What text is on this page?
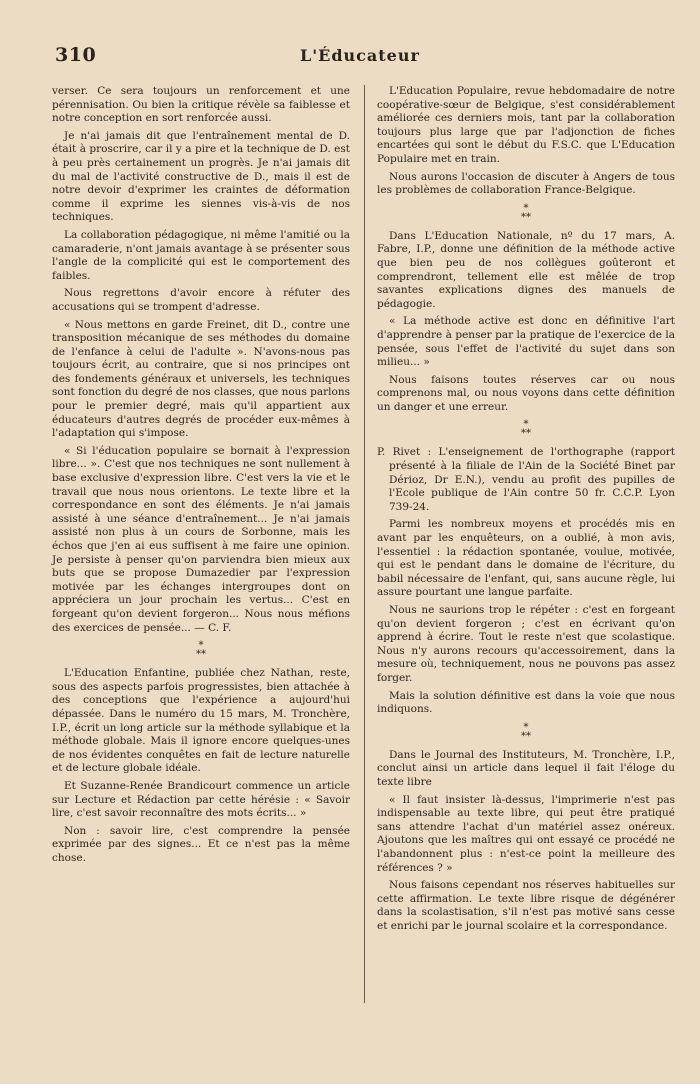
310	L'Éducateur

verser. Ce sera toujours un renforcement et une pérennisation. Ou bien la critique révèle sa faiblesse et notre conception en sort renforcée aussi.

Je n'ai jamais dit que l'entraînement mental de D. était à proscrire, car il y a pire et la technique de D. est à peu près certainement un progrès. Je n'ai jamais dit du mal de l'activité constructive de D., mais il est de notre devoir d'exprimer les craintes de déformation comme il exprime les siennes vis-à-vis de nos techniques.

La collaboration pédagogique, ni même l'amitié ou la camaraderie, n'ont jamais avantage à se présenter sous l'angle de la complicité qui est le comportement des faibles.

Nous regrettons d'avoir encore à réfuter des accusations qui se trompent d'adresse.

« Nous mettons en garde Freinet, dit D., contre une transposition mécanique de ses méthodes du domaine de l'enfance à celui de l'adulte ». N'avons-nous pas toujours écrit, au contraire, que si nos principes ont des fondements généraux et universels, les techniques sont fonction du degré de nos classes, que nous parlons pour le premier degré, mais qu'il appartient aux éducateurs d'autres degrés de procéder eux-mêmes à l'adaptation qui s'impose.

« Si l'éducation populaire se bornait à l'expression libre... ». C'est que nos techniques ne sont nullement à base exclusive d'expression libre. C'est vers la vie et le travail que nous nous orientons. Le texte libre et la correspondance en sont des éléments. Je n'ai jamais assisté à une séance d'entraînement... Je n'ai jamais assisté non plus à un cours de Sorbonne, mais les échos que j'en ai eus suffisent à me faire une opinion. Je persiste à penser qu'on parviendra bien mieux aux buts que se propose Dumazedier par l'expression motivée par les échanges intergroupes dont on appréciera un jour prochain les vertus... C'est en forgeant qu'on devient forgeron... Nous nous méfions des exercices de pensée... — C. F.

*
**

L'Education Enfantine, publiée chez Nathan, reste, sous des aspects parfois progressistes, bien attachée à des conceptions que l'expérience a aujourd'hui dépassée. Dans le numéro du 15 mars, M. Tronchère, I.P., écrit un long article sur la méthode syllabique et la méthode globale. Mais il ignore encore quelques-unes de nos évidentes conquêtes en fait de lecture naturelle et de lecture globale idéale.

Et Suzanne-Renée Brandicourt commence un article sur Lecture et Rédaction par cette hérésie : « Savoir lire, c'est savoir reconnaître des mots écrits... »

Non : savoir lire, c'est comprendre la pensée exprimée par des signes... Et ce n'est pas la même chose.

L'Education Populaire, revue hebdomadaire de notre coopérative-sœur de Belgique, s'est considérablement améliorée ces derniers mois, tant par la collaboration toujours plus large que par l'adjonction de fiches encartées qui sont le début du F.S.C. que L'Education Populaire met en train.

Nous aurons l'occasion de discuter à Angers de tous les problèmes de collaboration France-Belgique.

*
**

Dans L'Education Nationale, nº du 17 mars, A. Fabre, I.P., donne une définition de la méthode active que bien peu de nos collègues goûteront et comprendront, tellement elle est mêlée de trop savantes explications dignes des manuels de pédagogie.

« La méthode active est donc en définitive l'art d'apprendre à penser par la pratique de l'exercice de la pensée, sous l'effet de l'activité du sujet dans son milieu... »

Nous faisons toutes réserves car ou nous comprenons mal, ou nous voyons dans cette définition un danger et une erreur.

*
**

P. Rivet : L'enseignement de l'orthographe (rapport présenté à la filiale de l'Ain de la Société Binet par Dérioz, Dr E.N.), vendu au profit des pupilles de l'Ecole publique de l'Ain contre 50 fr. C.C.P. Lyon 739-24.

Parmi les nombreux moyens et procédés mis en avant par les enquêteurs, on a oublié, à mon avis, l'essentiel : la rédaction spontanée, voulue, motivée, qui est le pendant dans le domaine de l'écriture, du babil nécessaire de l'enfant, qui, sans aucune règle, lui assure pourtant une langue parfaite.

Nous ne saurions trop le répéter : c'est en forgeant qu'on devient forgeron ; c'est en écrivant qu'on apprend à écrire. Tout le reste n'est que scolastique. Nous n'y aurons recours qu'accessoirement, dans la mesure où, techniquement, nous ne pouvons pas assez forger.

Mais la solution définitive est dans la voie que nous indiquons.

*
**

Dans le Journal des Instituteurs, M. Tronchère, I.P., conclut ainsi un article dans lequel il fait l'éloge du texte libre

« Il faut insister là-dessus, l'imprimerie n'est pas indispensable au texte libre, qui peut être pratiqué sans attendre l'achat d'un matériel assez onéreux. Ajoutons que les maîtres qui ont essayé ce procédé ne l'abandonnent plus : n'est-ce point la meilleure des références ? »

Nous faisons cependant nos réserves habituelles sur cette affirmation. Le texte libre risque de dégénérer dans la scolastisation, s'il n'est pas motivé sans cesse et enrichi par le journal scolaire et la correspondance.
